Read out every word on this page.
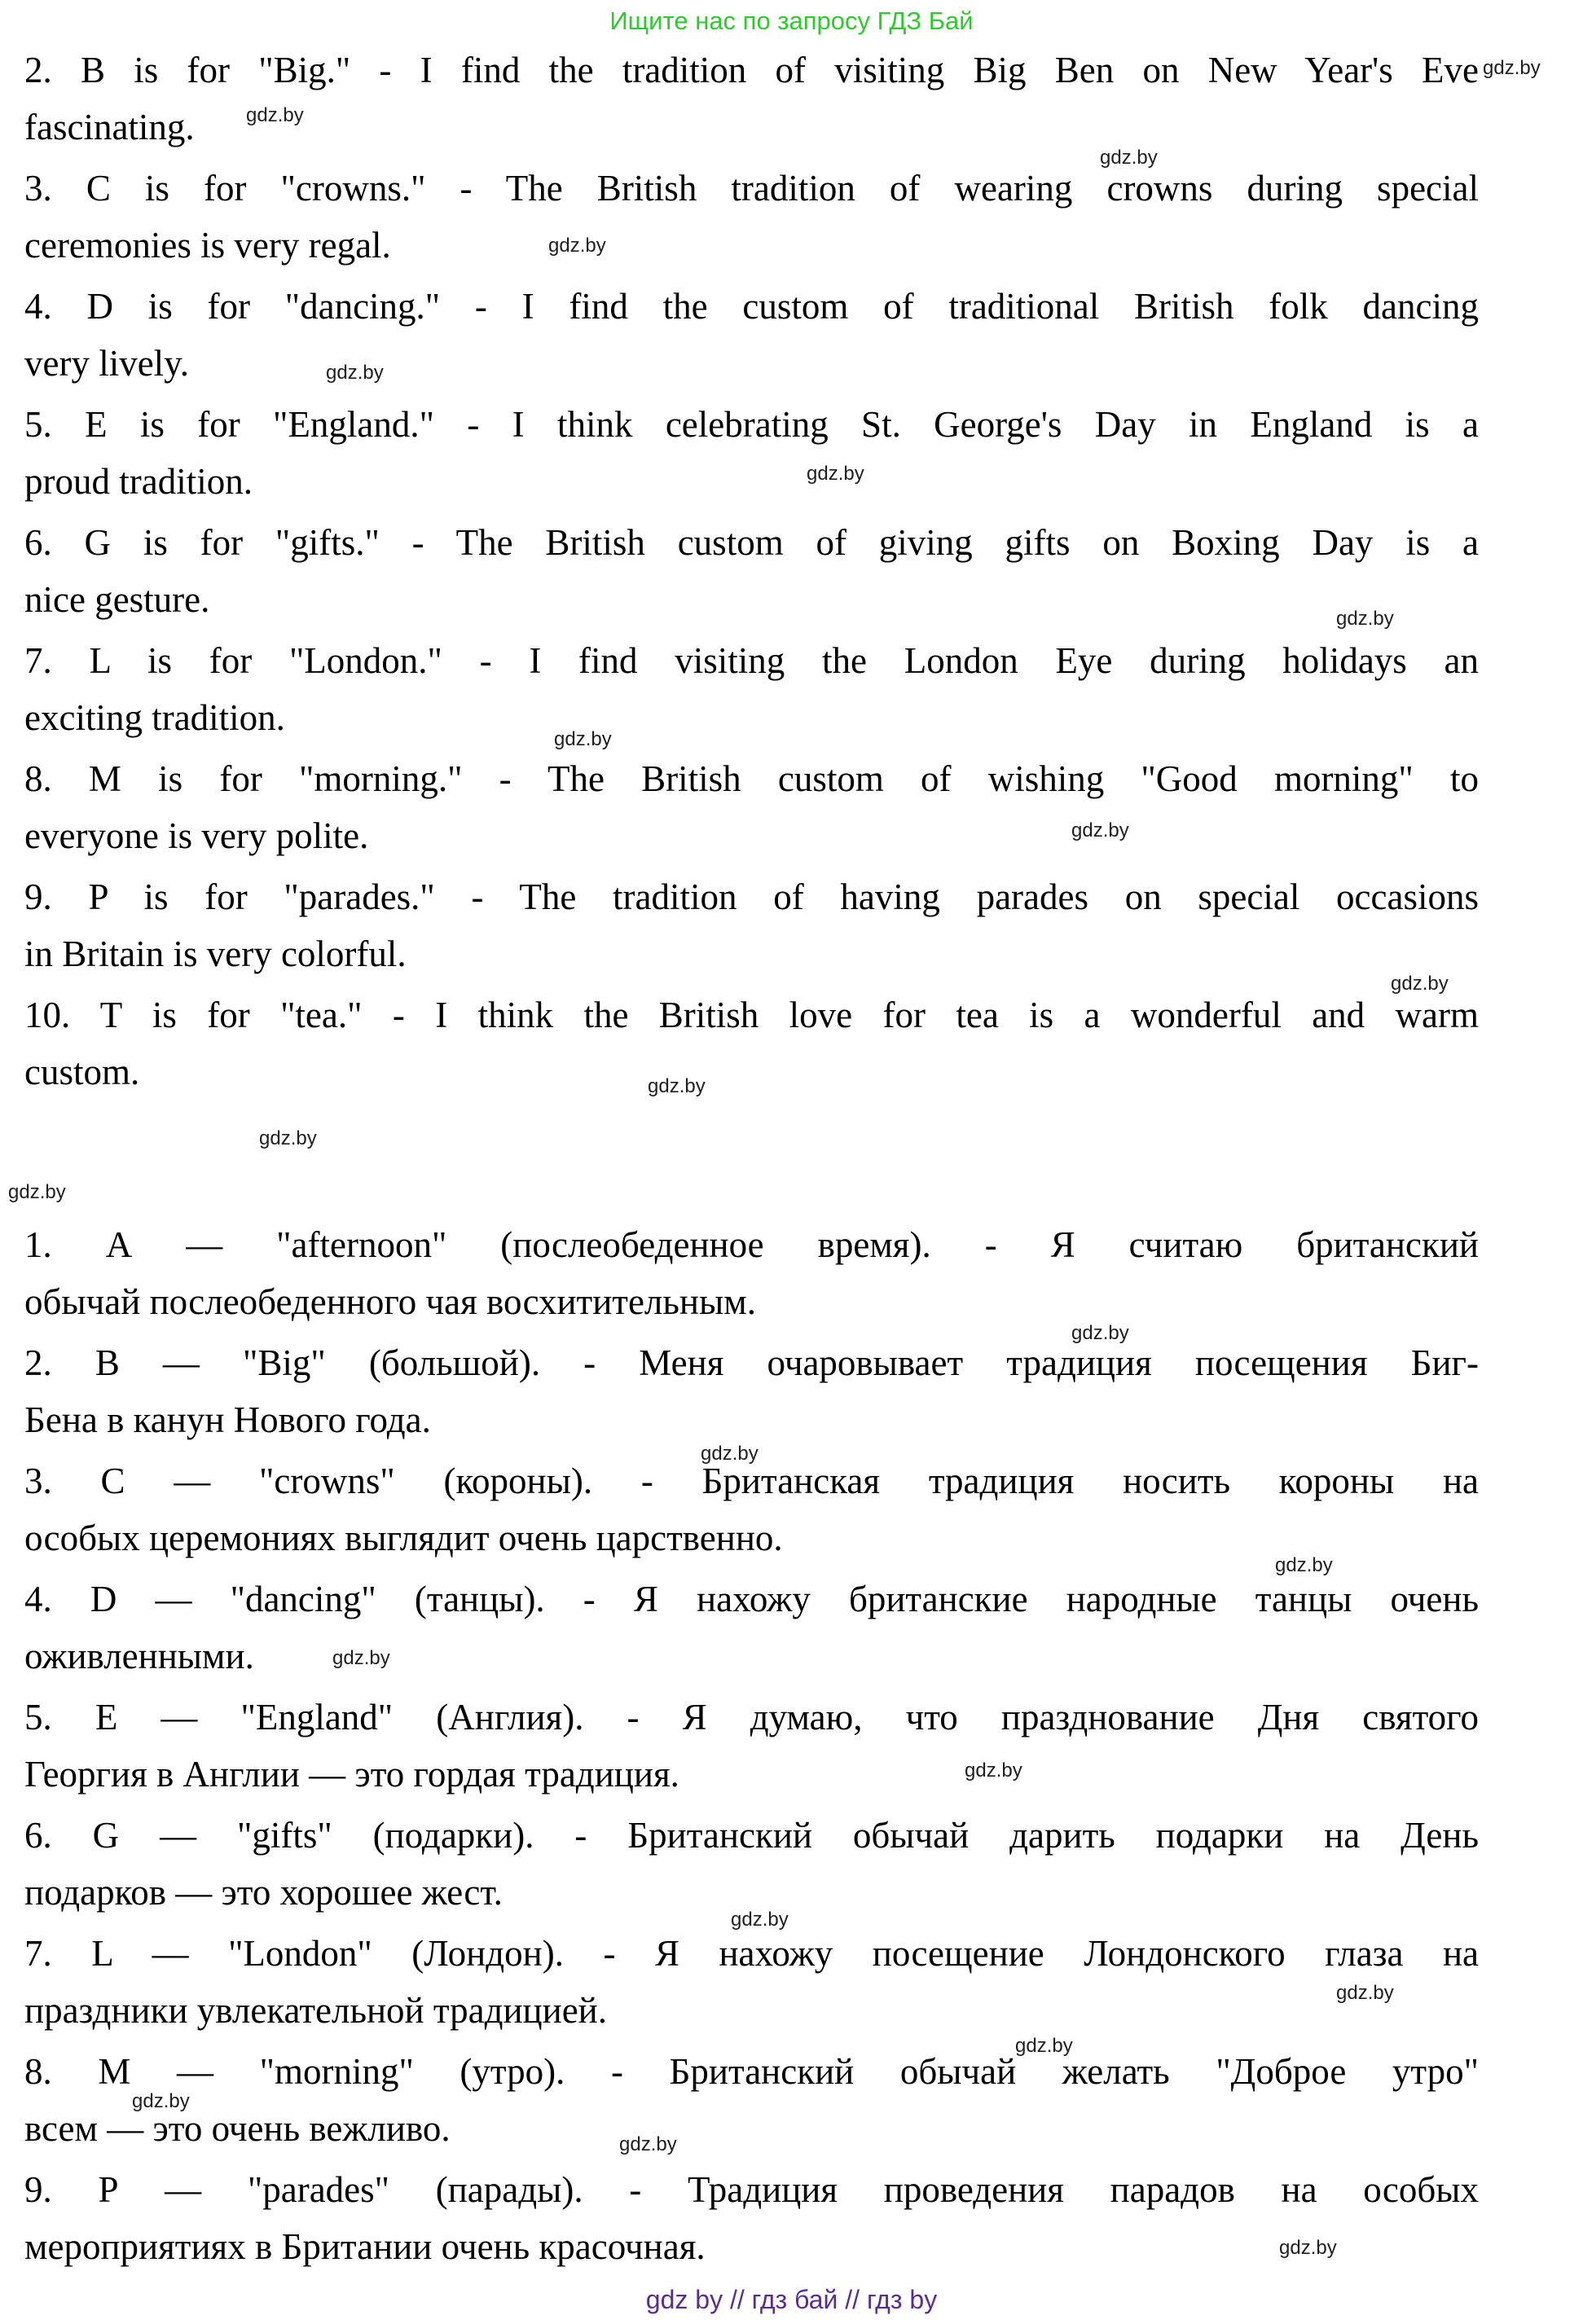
Ищите нас по запросу ГДЗ Бай

2. B is for "Big." - I find the tradition of visiting Big Ben on New Year's Eve
fascinating.

3. C is for "crowns." - The British tradition of wearing crowns during special
ceremonies is very regal.

4. D is for "dancing." - I find the custom of traditional British folk dancing
very lively.

5. E is for "England." - I think celebrating St. George's Day in England is a
proud tradition.

6. G is for "gifts." - The British custom of giving gifts on Boxing Day is a
nice gesture.

7. L is for "London." - I find visiting the London Eye during holidays an
exciting tradition.

8. M is for "morning." - The British custom of wishing "Good morning" to
everyone is very polite.

9. P is for "parades." - The tradition of having parades on special occasions
in Britain is very colorful.

10. T is for "tea." - I think the British love for tea is a wonderful and warm
custom.

1. А — "afternoon" (послеобеденное время). - Я считаю британский
обычай послеобеденного чая восхитительным.

2. В — "Big" (большой). - Меня очаровывает традиция посещения Биг-
Бена в канун Нового года.

3. С — "crowns" (короны). - Британская традиция носить короны на
особых церемониях выглядит очень царственно.

4. D — "dancing" (танцы). - Я нахожу британские народные танцы очень
оживленными.

5. Е — "England" (Англия). - Я думаю, что празднование Дня святого
Георгия в Англии — это гордая традиция.

6. G — "gifts" (подарки). - Британский обычай дарить подарки на День
подарков — это хорошее жест.

7. L — "London" (Лондон). - Я нахожу посещение Лондонского глаза на
праздники увлекательной традицией.

8. М — "morning" (утро). - Британский обычай желать "Доброе утро"
всем — это очень вежливо.

9. Р — "parades" (парады). - Традиция проведения парадов на особых
мероприятиях в Британии очень красочная.

gdz by // гдз бай // гдз by
gdz.by
gdz.by
gdz.by
gdz.by
gdz.by
gdz.by
gdz.by
gdz.by
gdz.by
gdz.by
gdz.by
gdz.by
gdz.by
gdz.by
gdz.by
gdz.by
gdz.by
gdz.by
gdz.by
gdz.by
gdz.by
gdz.by
gdz.by
gdz.by
